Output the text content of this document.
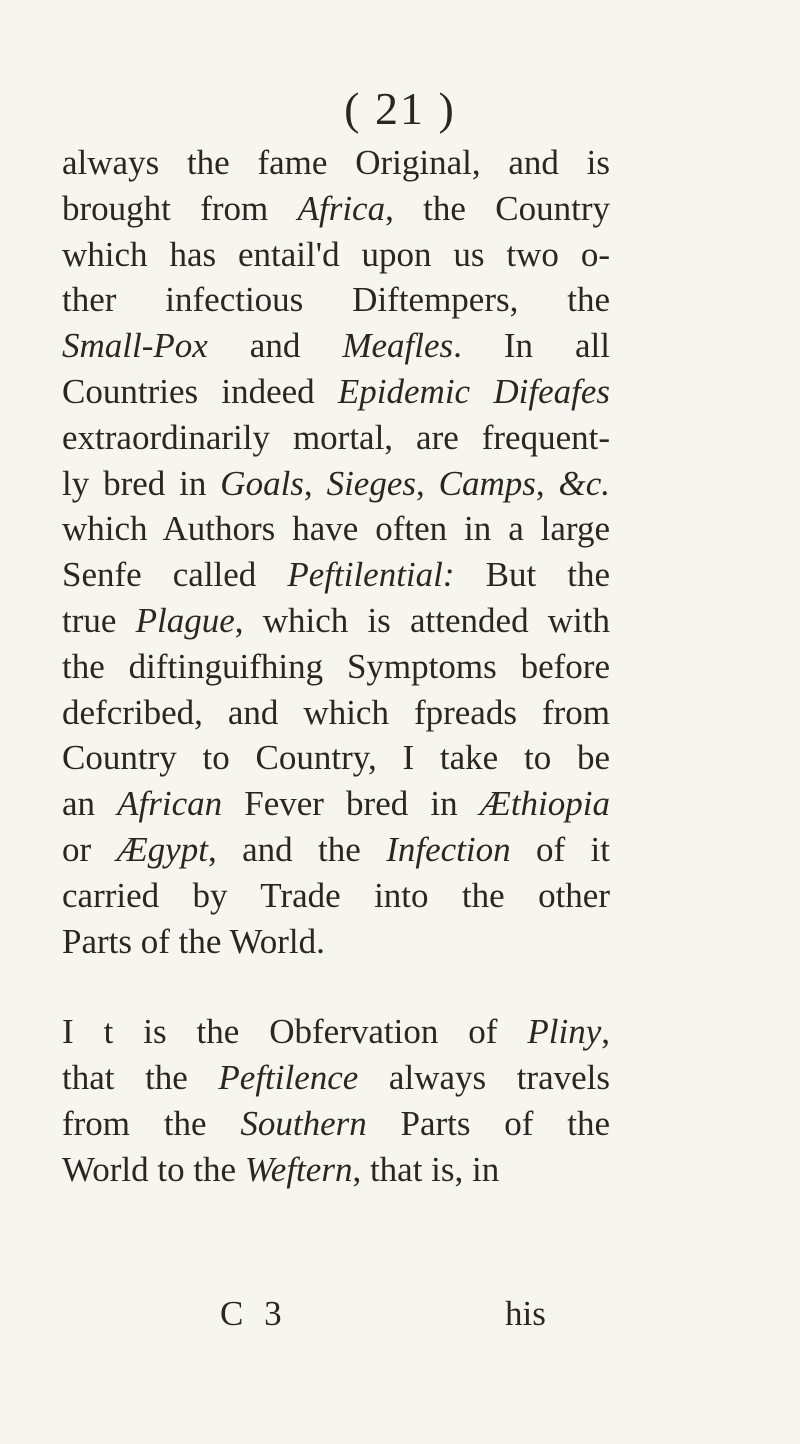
( 21 )
always the fame Original, and is
brought from Africa, the Country
which has entail'd upon us two o-
ther infectious Diftempers, the
Small-Pox and Meafles. In all
Countries indeed Epidemic Difeafes
extraordinarily mortal, are frequent-
ly bred in Goals, Sieges, Camps, &c.
which Authors have often in a large
Senfe called Peftilential: But the
true Plague, which is attended with
the diftinguifhing Symptoms before
defcribed, and which fpreads from
Country to Country, I take to be
an African Fever bred in Æthiopia
or Ægypt, and the Infection of it
carried by Trade into the other
Parts of the World.
I t is the Obfervation of Pliny,
that the Peftilence always travels
from the Southern Parts of the
World to the Weftern, that is, in
C 3	his
